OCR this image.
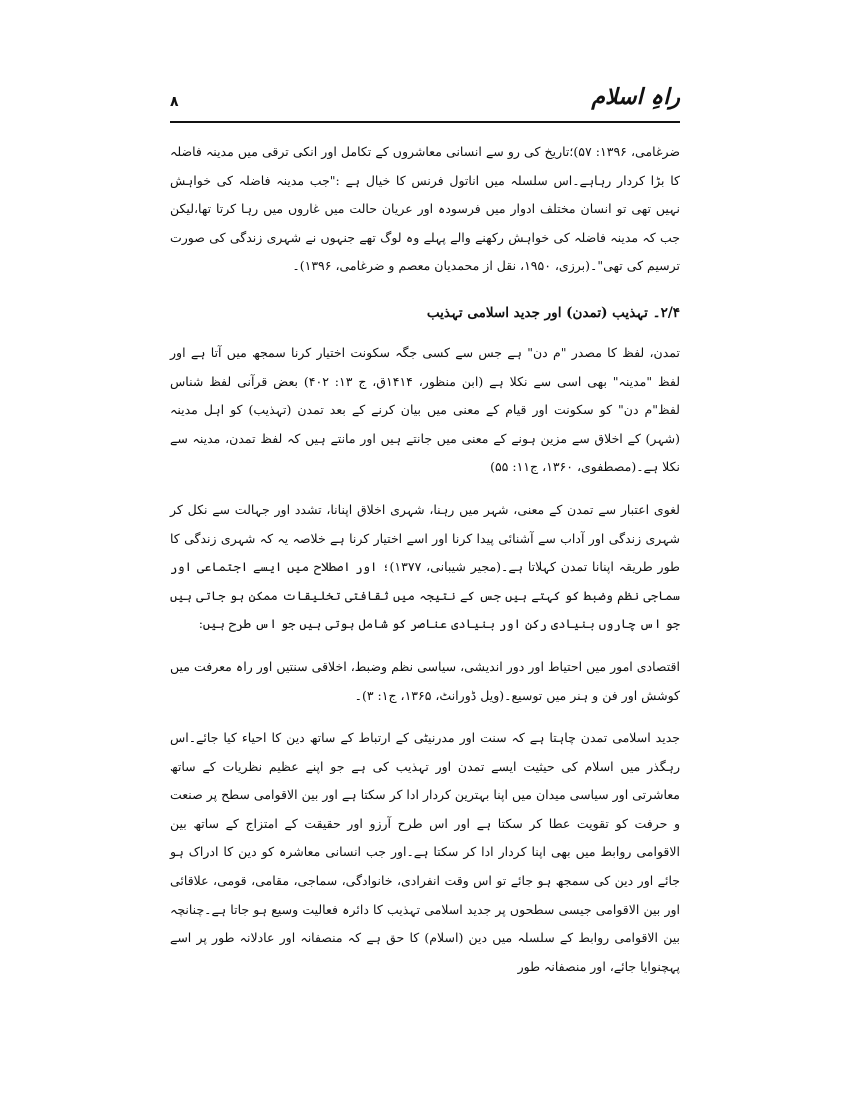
٨	راہِ اسلام

ضرغامی، ۱۳۹۶: ۵۷)؛تاریخ کی رو سے انسانی معاشروں کے تکامل اور انکی ترقی میں مدینہ فاضلہ کا بڑا کردار رہاہے۔اس سلسلہ میں اناتول فرنس کا خیال ہے :"جب مدینہ فاضلہ کی خواہش نہیں تھی تو انسان مختلف ادوار میں فرسودہ اور عریان حالت میں غاروں میں رہا کرتا تھا،لیکن جب کہ مدینہ فاضلہ کی خواہش رکھنے والے پہلے وہ لوگ تھے جنہوں نے شہری زندگی کی صورت ترسیم کی تھی"۔(برزی، ۱۹۵۰، نقل از محمدیان معصم و ضرغامی، ۱۳۹۶)۔

۲/۴۔ تہذیب (تمدن) اور جدید اسلامی تہذیب

تمدن، لفظ کا مصدر "م دن" ہے جس سے کسی جگہ سکونت اختیار کرنا سمجھ میں آتا ہے اور لفظ "مدینہ" بھی اسی سے نکلا ہے (ابن منظور، ۱۴۱۴ق، ج ۱۳: ۴۰۲) بعض قرآنی لفظ شناس لفظ"م دن" کو سکونت اور قیام کے معنی میں بیان کرنے کے بعد تمدن (تہذیب) کو اہل مدینہ (شہر) کے اخلاق سے مزین ہونے کے معنی میں جانتے ہیں اور مانتے ہیں کہ لفظ تمدن، مدینہ سے نکلا ہے۔(مصطفوی، ۱۳۶۰، ج۱۱: ۵۵)

لغوی اعتبار سے تمدن کے معنی، شہر میں رہنا، شہری اخلاق اپنانا، تشدد اور جہالت سے نکل کر شہری زندگی اور آداب سے آشنائی پیدا کرنا اور اسے اختیار کرنا ہے خلاصہ یہ کہ شہری زندگی کا طور طریقہ اپنانا تمدن کہلاتا ہے۔(مجیر شیبانی، ۱۳۷۷)؛ اور اصطلاح میں ایسے اجتماعی اور سماجی نظم وضبط کو کہتے ہیں جس کے نتیجہ میں ثقافتی تخلیقات ممکن ہو جاتی ہیں جو اس چاروں بنیادی رکن اور بنیادی عناصر کو شامل ہوتی ہیں جو اس طرح ہیں:

اقتصادی امور میں احتیاط اور دور اندیشی، سیاسی نظم وضبط، اخلاقی سنتیں اور راہ معرفت میں کوشش اور فن و ہنر میں توسیع۔(ویل ڈورانٹ، ۱۳۶۵، ج۱: ۳)۔

جدید اسلامی تمدن چاہتا ہے کہ سنت اور مدرنیٹی کے ارتباط کے ساتھ دین کا احیاء کیا جائے۔اس رہگذر میں اسلام کی حیثیت ایسے تمدن اور تہذیب کی ہے جو اپنے عظیم نظریات کے ساتھ معاشرتی اور سیاسی میدان میں اپنا بہترین کردار ادا کر سکتا ہے اور بین الاقوامی سطح پر صنعت و حرفت کو تقویت عطا کر سکتا ہے اور اس طرح آرزو اور حقیقت کے امتزاج کے ساتھ بین الاقوامی روابط میں بھی اپنا کردار ادا کر سکتا ہے۔اور جب انسانی معاشرہ کو دین کا ادراک ہو جائے اور دین کی سمجھ ہو جائے تو اس وقت انفرادی، خانوادگی، سماجی، مقامی، قومی، علاقائی اور بین الاقوامی جیسی سطحوں پر جدید اسلامی تہذیب کا دائرہ فعالیت وسیع ہو جاتا ہے۔چنانچہ بین الاقوامی روابط کے سلسلہ میں دین (اسلام) کا حق ہے کہ منصفانہ اور عادلانہ طور پر اسے پہچنوایا جائے، اور منصفانہ طور
